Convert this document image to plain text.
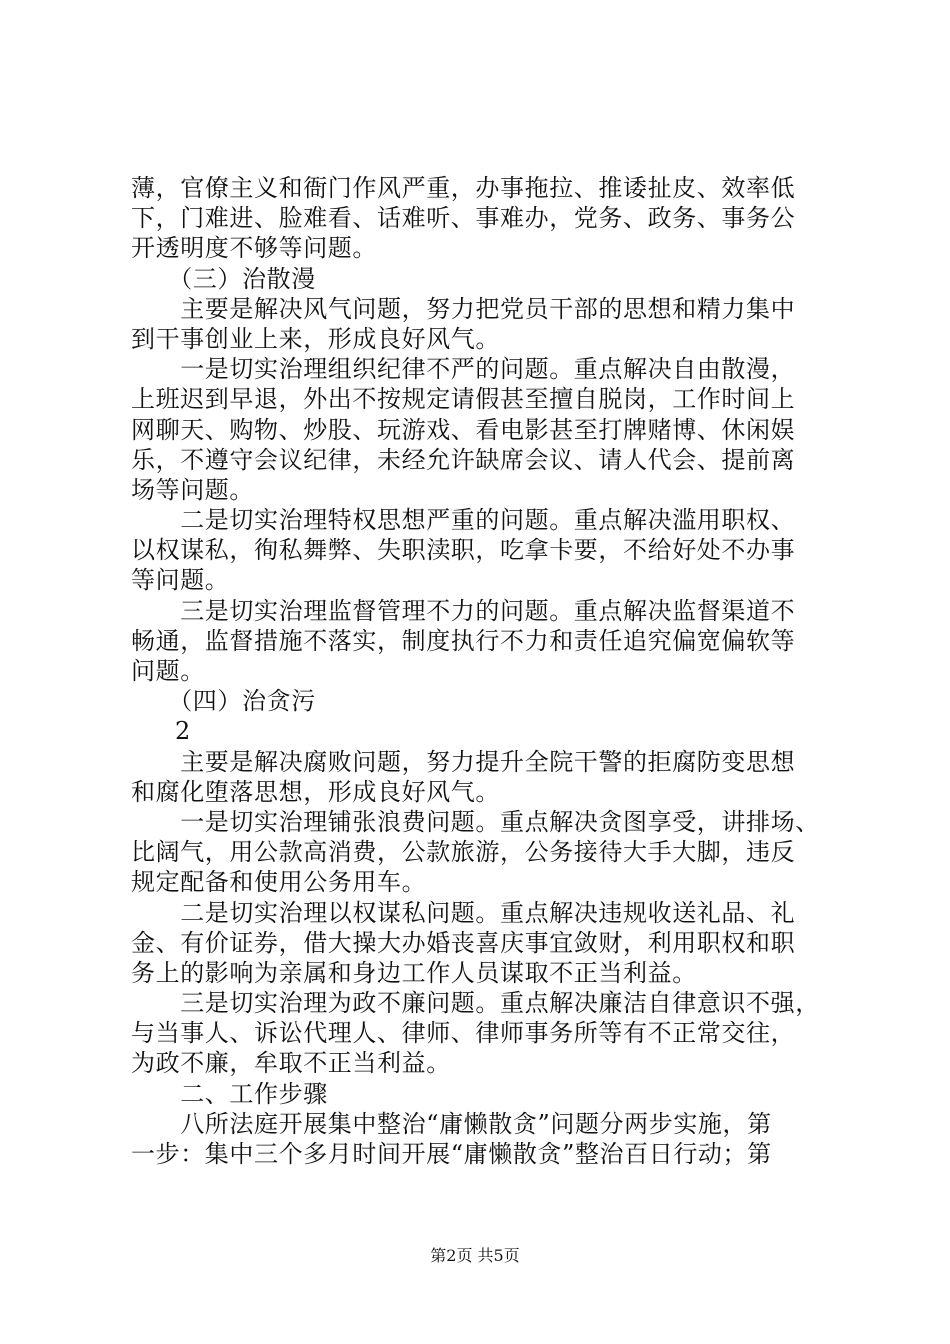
薄，官僚主义和衙门作风严重，办事拖拉、推诿扯皮、效率低
下，门难进、脸难看、话难听、事难办，党务、政务、事务公
开透明度不够等问题。
　　（三）治散漫
　　主要是解决风气问题，努力把党员干部的思想和精力集中
到干事创业上来，形成良好风气。
　　一是切实治理组织纪律不严的问题。重点解决自由散漫，
上班迟到早退，外出不按规定请假甚至擅自脱岗，工作时间上
网聊天、购物、炒股、玩游戏、看电影甚至打牌赌博、休闲娱
乐，不遵守会议纪律，未经允许缺席会议、请人代会、提前离
场等问题。
　　二是切实治理特权思想严重的问题。重点解决滥用职权、
以权谋私，徇私舞弊、失职渎职，吃拿卡要，不给好处不办事
等问题。
　　三是切实治理监督管理不力的问题。重点解决监督渠道不
畅通，监督措施不落实，制度执行不力和责任追究偏宽偏软等
问题。
　　（四）治贪污
2
　　主要是解决腐败问题，努力提升全院干警的拒腐防变思想
和腐化堕落思想，形成良好风气。
　　一是切实治理铺张浪费问题。重点解决贪图享受，讲排场、
比阔气，用公款高消费，公款旅游，公务接待大手大脚，违反
规定配备和使用公务用车。
　　二是切实治理以权谋私问题。重点解决违规收送礼品、礼
金、有价证券，借大操大办婚丧喜庆事宜敛财，利用职权和职
务上的影响为亲属和身边工作人员谋取不正当利益。
　　三是切实治理为政不廉问题。重点解决廉洁自律意识不强，
与当事人、诉讼代理人、律师、律师事务所等有不正常交往，
为政不廉，牟取不正当利益。
　　二、工作步骤
　　八所法庭开展集中整治“庸懒散贪”问题分两步实施，第
一步：集中三个多月时间开展“庸懒散贪”整治百日行动；第
第2页 共5页
